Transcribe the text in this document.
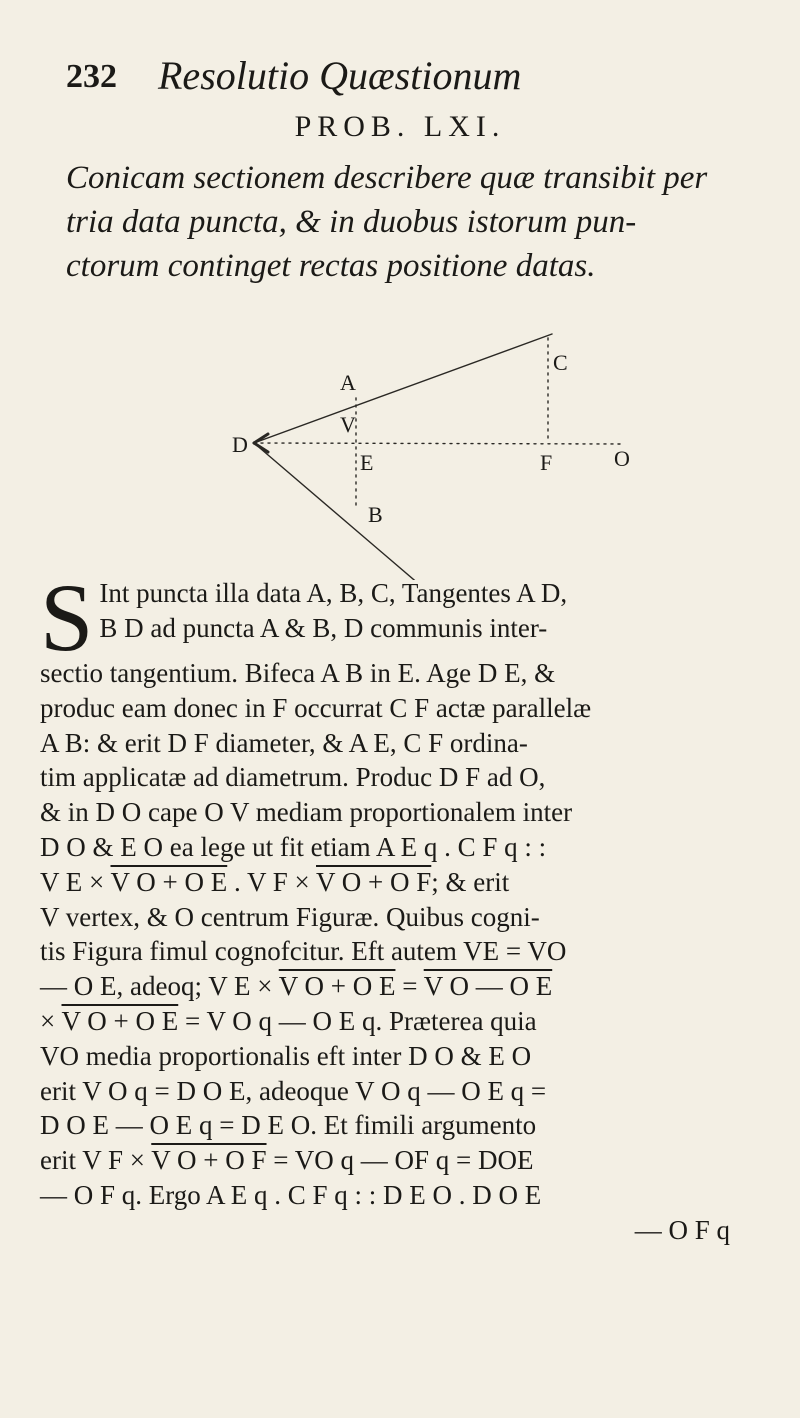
232 Resolutio Quæstionum
PROB. LXI.
Conicam sectionem describere quæ transibit per
tria data puncta, & in duobus istorum pun-
ctorum continget rectas positione datas.
A
C
V
D
E	F	O
B
S Int puncta illa data A, B, C, Tangentes A D,
B D ad puncta A & B, D communis inter-
sectio tangentium. Bifeca A B in E. Age D E, &
produc eam donec in F occurrat C F actæ parallelæ
A B: & erit D F diameter, & A E, C F ordina-
tim applicatæ ad diametrum. Produc D F ad O,
& in D O cape O V mediam proportionalem inter
D O & E O ea lege ut fit etiam A E q . C F q : :
V E × V O + O E . V F × V O + O F; & erit
V vertex, & O centrum Figuræ. Quibus cogni-
tis Figura fimul cognofcitur. Eft autem VE = VO
— O E, adeoq; V E × V O + O E = V O — O E
× V O + O E = V O q — O E q. Præterea quia
VO media proportionalis eft inter D O & E O
erit V O q = D O E, adeoque V O q — O E q =
D O E — O E q = D E O. Et fimili argumento
erit V F × V O + O F = VO q — OF q = DOE
— O F q. Ergo A E q . C F q : : D E O . D O E
— O F q
